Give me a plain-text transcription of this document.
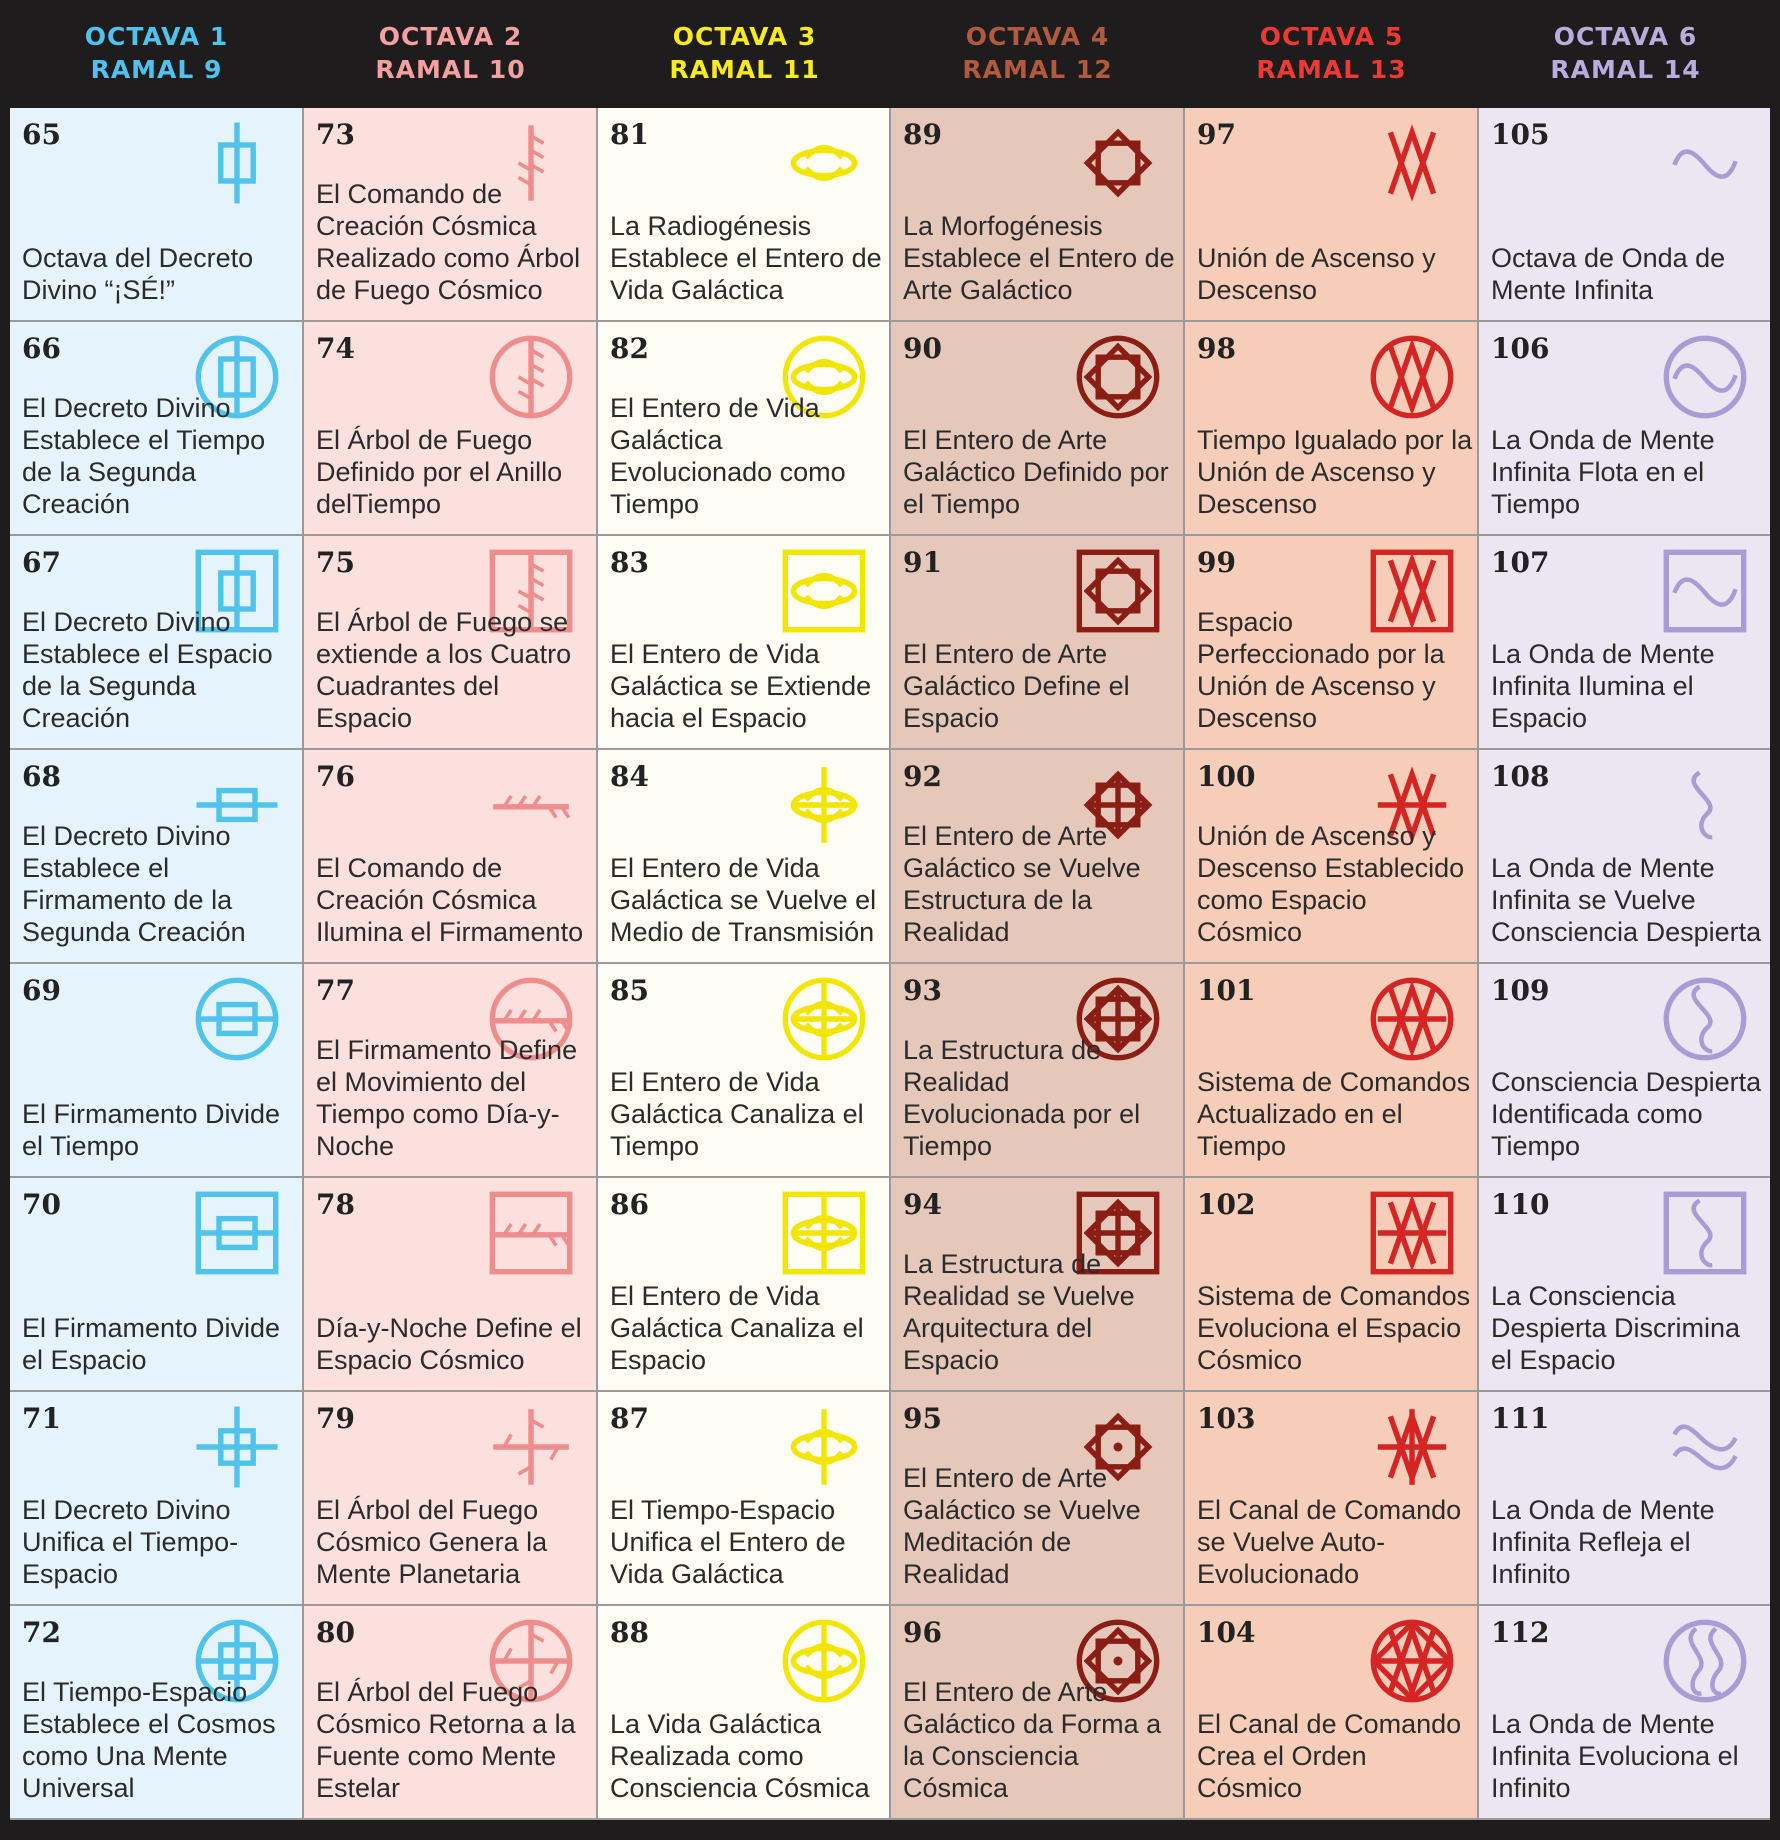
OCTAVA 1
RAMAL 9
OCTAVA 2
RAMAL 10
OCTAVA 3
RAMAL 11
OCTAVA 4
RAMAL 12
OCTAVA 5
RAMAL 13
OCTAVA 6
RAMAL 14
65
Octava del Decreto Divino “¡SÉ!”
66
El Decreto Divino Establece el Tiempo de la Segunda Creación
67
El Decreto Divino Establece el Espacio de la Segunda Creación
68
El Decreto Divino Establece el Firmamento de la Segunda Creación
69
El Firmamento Divide el Tiempo
70
El Firmamento Divide el Espacio
71
El Decreto Divino Unifica el Tiempo-Espacio
72
El Tiempo-Espacio Establece el Cosmos como Una Mente Universal
73
El Comando de Creación Cósmica Realizado como Árbol de Fuego Cósmico
74
El Árbol de Fuego Definido por el Anillo delTiempo
75
El Árbol de Fuego se extiende a los Cuatro Cuadrantes del Espacio
76
El Comando de Creación Cósmica Ilumina el Firmamento
77
El Firmamento Define el Movimiento del Tiempo como Día-y-Noche
78
Día-y-Noche Define el Espacio Cósmico
79
El Árbol del Fuego Cósmico Genera la Mente Planetaria
80
El Árbol del Fuego Cósmico Retorna a la Fuente como Mente Estelar
81
La Radiogénesis Establece el Entero de Vida Galáctica
82
El Entero de Vida Galáctica Evolucionado como Tiempo
83
El Entero de Vida Galáctica se Extiende hacia el Espacio
84
El Entero de Vida Galáctica se Vuelve el Medio de Transmisión
85
El Entero de Vida Galáctica Canaliza el Tiempo
86
El Entero de Vida Galáctica Canaliza el Espacio
87
El Tiempo-Espacio Unifica el Entero de Vida Galáctica
88
La Vida Galáctica Realizada como Consciencia Cósmica
89
La Morfogénesis Establece el Entero de Arte Galáctico
90
El Entero de Arte Galáctico Definido por el Tiempo
91
El Entero de Arte Galáctico Define el Espacio
92
El Entero de Arte Galáctico se Vuelve Estructura de la Realidad
93
La Estructura de Realidad Evolucionada por el Tiempo
94
La Estructura de Realidad se Vuelve Arquitectura del Espacio
95
El Entero de Arte Galáctico se Vuelve Meditación de Realidad
96
El Entero de Arte Galáctico da Forma a la Consciencia Cósmica
97
Unión de Ascenso y Descenso
98
Tiempo Igualado por la Unión de Ascenso y Descenso
99
Espacio Perfeccionado por la Unión de Ascenso y Descenso
100
Unión de Ascenso y Descenso Establecido como Espacio Cósmico
101
Sistema de Comandos Actualizado en el Tiempo
102
Sistema de Comandos Evoluciona el Espacio Cósmico
103
El Canal de Comando se Vuelve Auto-Evolucionado
104
El Canal de Comando Crea el Orden Cósmico
105
Octava de Onda de Mente Infinita
106
La Onda de Mente Infinita Flota en el Tiempo
107
La Onda de Mente Infinita Ilumina el Espacio
108
La Onda de Mente Infinita se Vuelve Consciencia Despierta
109
Consciencia Despierta Identificada como Tiempo
110
La Consciencia Despierta Discrimina el Espacio
111
La Onda de Mente Infinita Refleja el Infinito
112
La Onda de Mente Infinita Evoluciona el Infinito
